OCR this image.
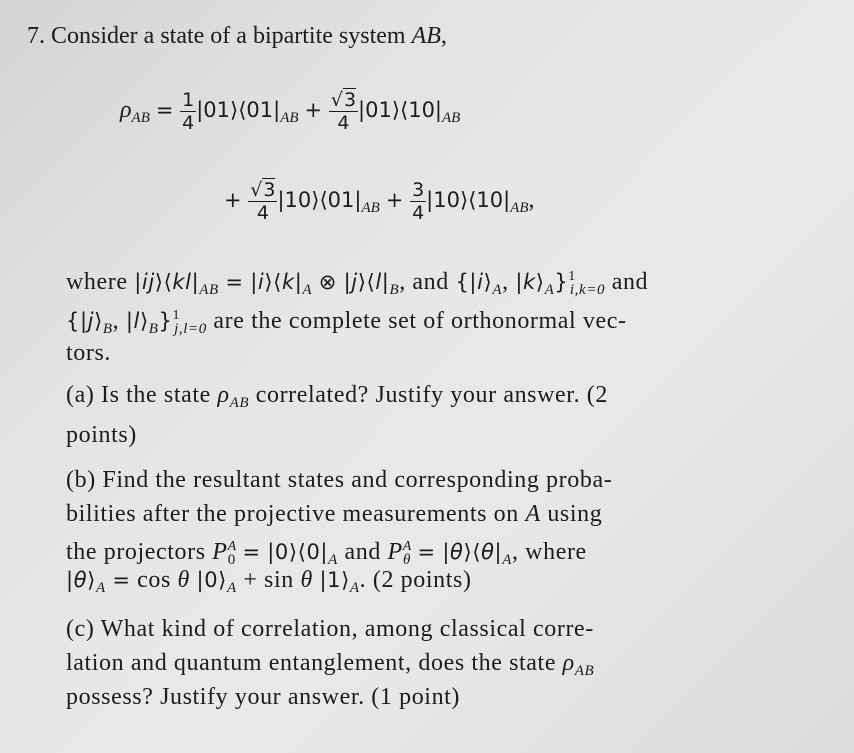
7. Consider a state of a bipartite system AB,
$\rho_{AB} = \frac{1}{4}$ $|01⟩⟨01|_{AB} + \frac{√3}{4}$ $|01⟩⟨10|_{AB}$
+ $\frac{√3}{4}$ $|10⟩⟨01|_{AB} + \frac{3}{4}$ $|10⟩⟨10|_{AB}$,
where $|ij⟩⟨kl|_{AB}$ = $|i⟩⟨k|_A$ ⊗ $|j⟩⟨l|_B$, and {$|i⟩_A$, $|k⟩_A\}^1_{i,k=0}$ and
{$|j⟩_B$, $|l⟩_B\}^1_{j,l=0}$ are the complete set of orthonormal vec-
tors.
(a) Is the state $\rho_{AB}$ correlated? Justify your answer. (2
points)
(b) Find the resultant states and corresponding proba-
bilities after the projective measurements on A using
the projectors $P^A_0$ = $|0⟩⟨0|_A$ and $P^A_\theta$ = $|\theta⟩⟨\theta|_A$, where
$|\theta⟩_A = \cos \theta$ $|0⟩_A + \sin \theta$ $|1⟩_A$. (2 points)
(c) What kind of correlation, among classical corre-
lation and quantum entanglement, does the state $\rho_{AB}$
possess? Justify your answer. (1 point)
